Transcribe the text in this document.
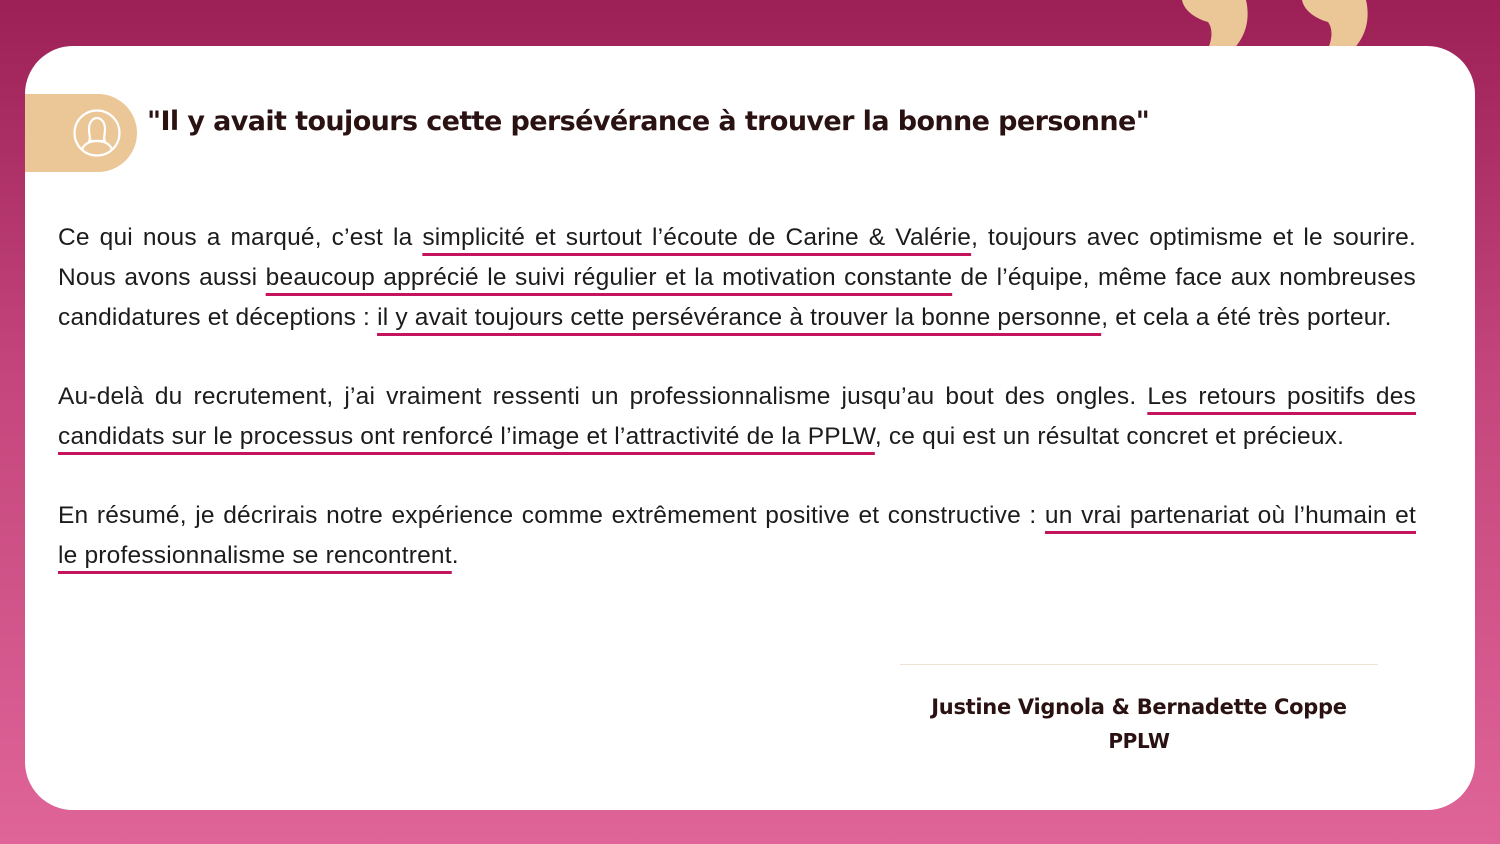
"Il y avait toujours cette persévérance à trouver la bonne personne"

Ce qui nous a marqué, c’est la simplicité et surtout l’écoute de Carine & Valérie, toujours avec optimisme et le sourire. Nous avons aussi beaucoup apprécié le suivi régulier et la motivation constante de l’équipe, même face aux nombreuses candidatures et déceptions : il y avait toujours cette persévérance à trouver la bonne personne, et cela a été très porteur.

Au-delà du recrutement, j’ai vraiment ressenti un professionnalisme jusqu’au bout des ongles. Les retours positifs des candidats sur le processus ont renforcé l’image et l’attractivité de la PPLW, ce qui est un résultat concret et précieux.

En résumé, je décrirais notre expérience comme extrêmement positive et constructive : un vrai partenariat où l’humain et le professionnalisme se rencontrent.

Justine Vignola & Bernadette Coppe
PPLW
